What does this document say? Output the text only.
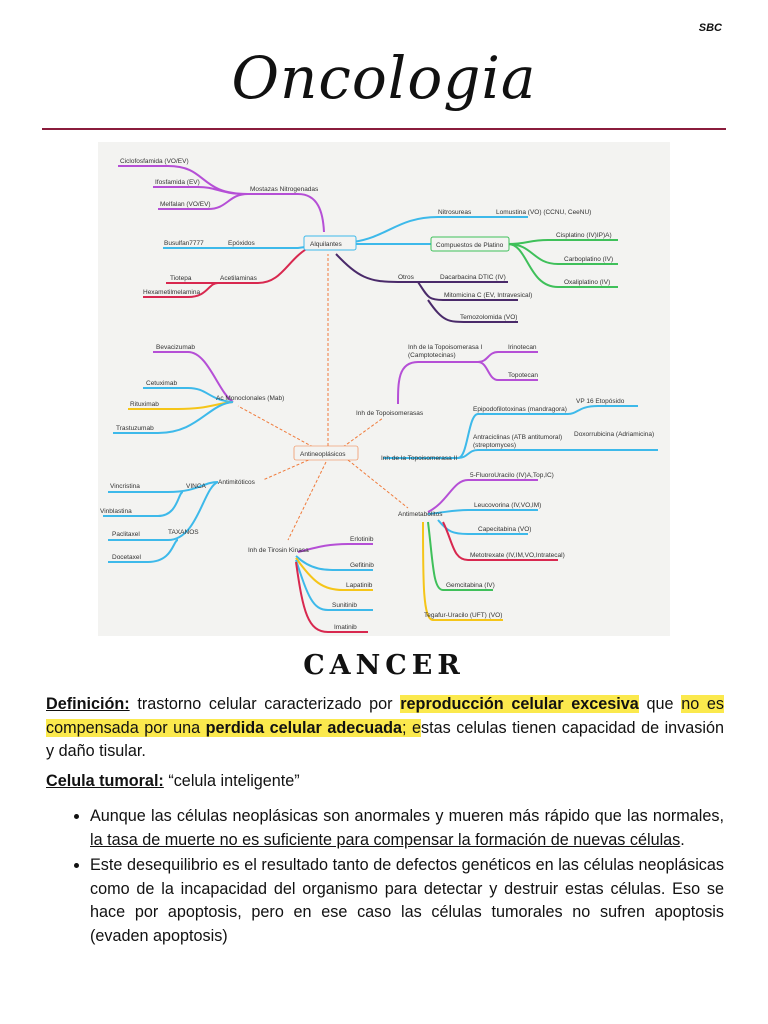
SBC
Oncologia
Ciclofosfamida (VO/EV)
Ifosfamida (EV)
Melfalan (VO/EV)
Mostazas Nitrogenadas
Busulfan7777	Epóxidos	Alquilantes
Tiotepa	Acetilaminas
Hexametilmelamina
Nitrosureas	Lomustina (VO) (CCNU, CeeNU)
Compuestos de Platino
Cisplatino (IV)IP)A)
Carboplatino (IV)
Oxaliplatino (IV)
Otros	Dacarbacina DTIC (IV)
Mitomicina C (EV, Intravesical)
Temozolomida (VO)
Bevacizumab
Cetuximab
Ac Monoclonales (Mab)
Rituximab
Trastuzumab
Inh de la Topoisomerasa I
(Camptotecinas)
Irinotecan
Topotecan
Inh de Topoisomerasas
Epipodofilotoxinas (mandragora)
VP 16 Etopósido
Antraciclinas (ATB antitumoral)
(streptomyces)
Doxorrubicina (Adriamicina)
Inh de la Topoisomerasa II
Antineoplásicos
Antimitóticos
Vincristina	VINCA
Vinblastina
Paclitaxel	TAXANOS
Docetaxel
Antimetabolitos
5-FluoroUracilo (IV)A,Top,IC)
Leucovorina (IV,VO,IM)
Capecitabina (VO)
Metotrexate (IV,IM,VO,Intratecal)
Gemcitabina (IV)
Tegafur-Uracilo (UFT) (VO)
Inh de Tirosin Kinasa
Erlotinib
Gefitinib
Lapatinib
Sunitinib
Imatinib
CANCER
Definición: trastorno celular caracterizado por reproducción celular excesiva que no es compensada por una perdida celular adecuada; estas celulas tienen capacidad de invasión y daño tisular.
Celula tumoral: “celula inteligente”
• Aunque las células neoplásicas son anormales y mueren más rápido que las normales, la tasa de muerte no es suficiente para compensar la formación de nuevas células.
• Este desequilibrio es el resultado tanto de defectos genéticos en las células neoplásicas como de la incapacidad del organismo para detectar y destruir estas células. Eso se hace por apoptosis, pero en ese caso las células tumorales no sufren apoptosis (evaden apoptosis)
